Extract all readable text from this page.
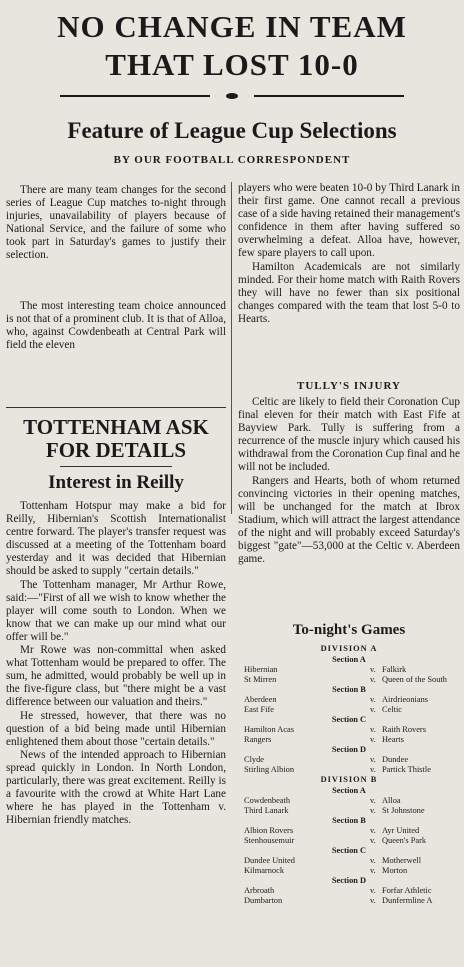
NO CHANGE IN TEAM
THAT LOST 10-0
Feature of League Cup Selections
BY OUR FOOTBALL CORRESPONDENT

There are many team changes for the second series of League Cup matches to-night through injuries, unavailability of players because of National Service, and the failure of some who took part in Saturday's games to justify their selection.

The most interesting team choice announced is not that of a prominent club. It is that of Alloa, who, against Cowdenbeath at Central Park will field the eleven

players who were beaten 10-0 by Third Lanark in their first game. One cannot recall a previous case of a side having retained their management's confidence in them after having suffered so overwhelming a defeat. Alloa have, however, few spare players to call upon.

Hamilton Academicals are not similarly minded. For their home match with Raith Rovers they will have no fewer than six positional changes compared with the team that lost 5-0 to Hearts.

TULLY'S INJURY

Celtic are likely to field their Coronation Cup final eleven for their match with East Fife at Bayview Park. Tully is suffering from a recurrence of the muscle injury which caused his withdrawal from the Coronation Cup final and he will not be included.

Rangers and Hearts, both of whom returned convincing victories in their opening matches, will be unchanged for the match at Ibrox Stadium, which will attract the largest attendance of the night and will probably exceed Saturday's biggest "gate"—53,000 at the Celtic v. Aberdeen game.

TOTTENHAM ASK FOR DETAILS
Interest in Reilly

Tottenham Hotspur may make a bid for Reilly, Hibernian's Scottish Internationalist centre forward. The player's transfer request was discussed at a meeting of the Tottenham board yesterday and it was decided that Hibernian should be asked to supply "certain details."

The Tottenham manager, Mr Arthur Rowe, said:—"First of all we wish to know whether the player will come south to London. When we know that we can make up our mind what our offer will be."

Mr Rowe was non-committal when asked what Tottenham would be prepared to offer. The sum, he admitted, would probably be well up in the five-figure class, but "there might be a vast difference between our valuation and theirs."

He stressed, however, that there was no question of a bid being made until Hibernian enlightened them about those "certain details."

News of the intended approach to Hibernian spread quickly in London. In North London, particularly, there was great excitement. Reilly is a favourite with the crowd at White Hart Lane where he has played in the Tottenham v. Hibernian friendly matches.

To-night's Games
DIVISION A
Section A
Hibernian	v. Falkirk
St Mirren	v. Queen of the South
Section B
Aberdeen	v. Airdrieonians
East Fife	v. Celtic
Section C
Hamilton Acas	v. Raith Rovers
Rangers	v. Hearts
Section D
Clyde	v. Dundee
Stirling Albion	v. Partick Thistle
DIVISION B
Section A
Cowdenbeath	v. Alloa
Third Lanark	v. St Johnstone
Section B
Albion Rovers	v. Ayr United
Stenhousemuir	v. Queen's Park
Section C
Dundee United	v. Motherwell
Kilmarnock	v. Morton
Section D
Arbroath	v. Forfar Athletic
Dumbarton	v. Dunfermline A
